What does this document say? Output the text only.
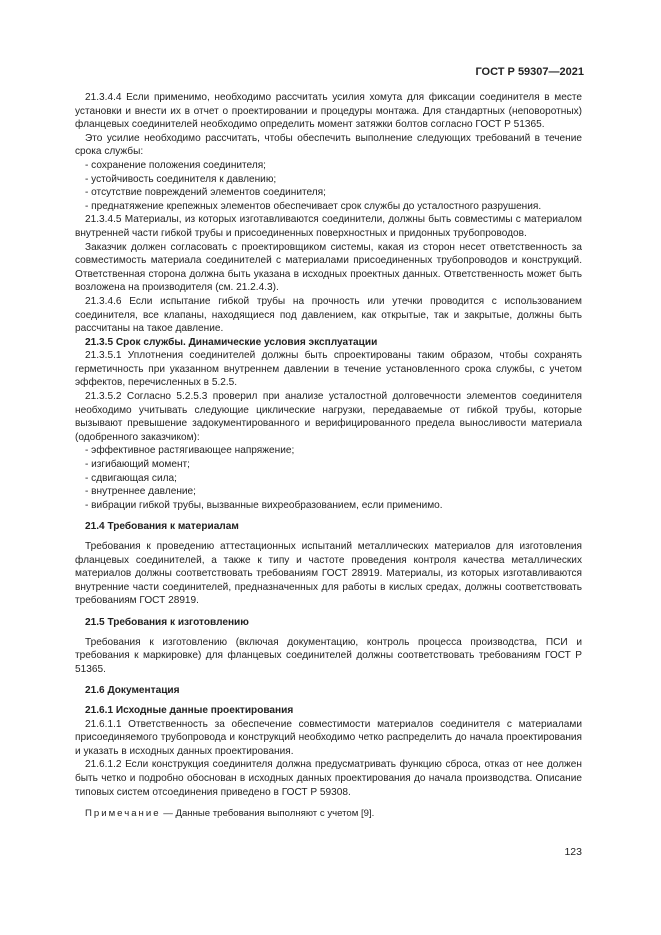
ГОСТ Р 59307—2021

21.3.4.4 Если применимо, необходимо рассчитать усилия хомута для фиксации соединителя в месте установки и внести их в отчет о проектировании и процедуры монтажа. Для стандартных (неповоротных) фланцевых соединителей необходимо определить момент затяжки болтов согласно ГОСТ Р 51365.

Это усилие необходимо рассчитать, чтобы обеспечить выполнение следующих требований в течение срока службы:

- сохранение положения соединителя;

- устойчивость соединителя к давлению;

- отсутствие повреждений элементов соединителя;

- преднатяжение крепежных элементов обеспечивает срок службы до усталостного разрушения.

21.3.4.5 Материалы, из которых изготавливаются соединители, должны быть совместимы с материалом внутренней части гибкой трубы и присоединенных поверхностных и придонных трубопроводов.

Заказчик должен согласовать с проектировщиком системы, какая из сторон несет ответственность за совместимость материала соединителей с материалами присоединенных трубопроводов и конструкций. Ответственная сторона должна быть указана в исходных проектных данных. Ответственность может быть возложена на производителя (см. 21.2.4.3).

21.3.4.6 Если испытание гибкой трубы на прочность или утечки проводится с использованием соединителя, все клапаны, находящиеся под давлением, как открытые, так и закрытые, должны быть рассчитаны на такое давление.

21.3.5 Срок службы. Динамические условия эксплуатации

21.3.5.1 Уплотнения соединителей должны быть спроектированы таким образом, чтобы сохранять герметичность при указанном внутреннем давлении в течение установленного срока службы, с учетом эффектов, перечисленных в 5.2.5.

21.3.5.2 Согласно 5.2.5.3 проверил при анализе усталостной долговечности элементов соединителя необходимо учитывать следующие циклические нагрузки, передаваемые от гибкой трубы, которые вызывают превышение задокументированного и верифицированного предела выносливости материала (одобренного заказчиком):

- эффективное растягивающее напряжение;

- изгибающий момент;

- сдвигающая сила;

- внутреннее давление;

- вибрации гибкой трубы, вызванные вихреобразованием, если применимо.

21.4 Требования к материалам

Требования к проведению аттестационных испытаний металлических материалов для изготовления фланцевых соединителей, а также к типу и частоте проведения контроля качества металлических материалов должны соответствовать требованиям ГОСТ 28919. Материалы, из которых изготавливаются внутренние части соединителей, предназначенных для работы в кислых средах, должны соответствовать требованиям ГОСТ 28919.

21.5 Требования к изготовлению

Требования к изготовлению (включая документацию, контроль процесса производства, ПСИ и требования к маркировке) для фланцевых соединителей должны соответствовать требованиям ГОСТ Р 51365.

21.6 Документация

21.6.1 Исходные данные проектирования

21.6.1.1 Ответственность за обеспечение совместимости материалов соединителя с материалами присоединяемого трубопровода и конструкций необходимо четко распределить до начала проектирования и указать в исходных данных проектирования.

21.6.1.2 Если конструкция соединителя должна предусматривать функцию сброса, отказ от нее должен быть четко и подробно обоснован в исходных данных проектирования до начала производства. Описание типовых систем отсоединения приведено в ГОСТ Р 59308.

Примечание — Данные требования выполняют с учетом [9].

123
